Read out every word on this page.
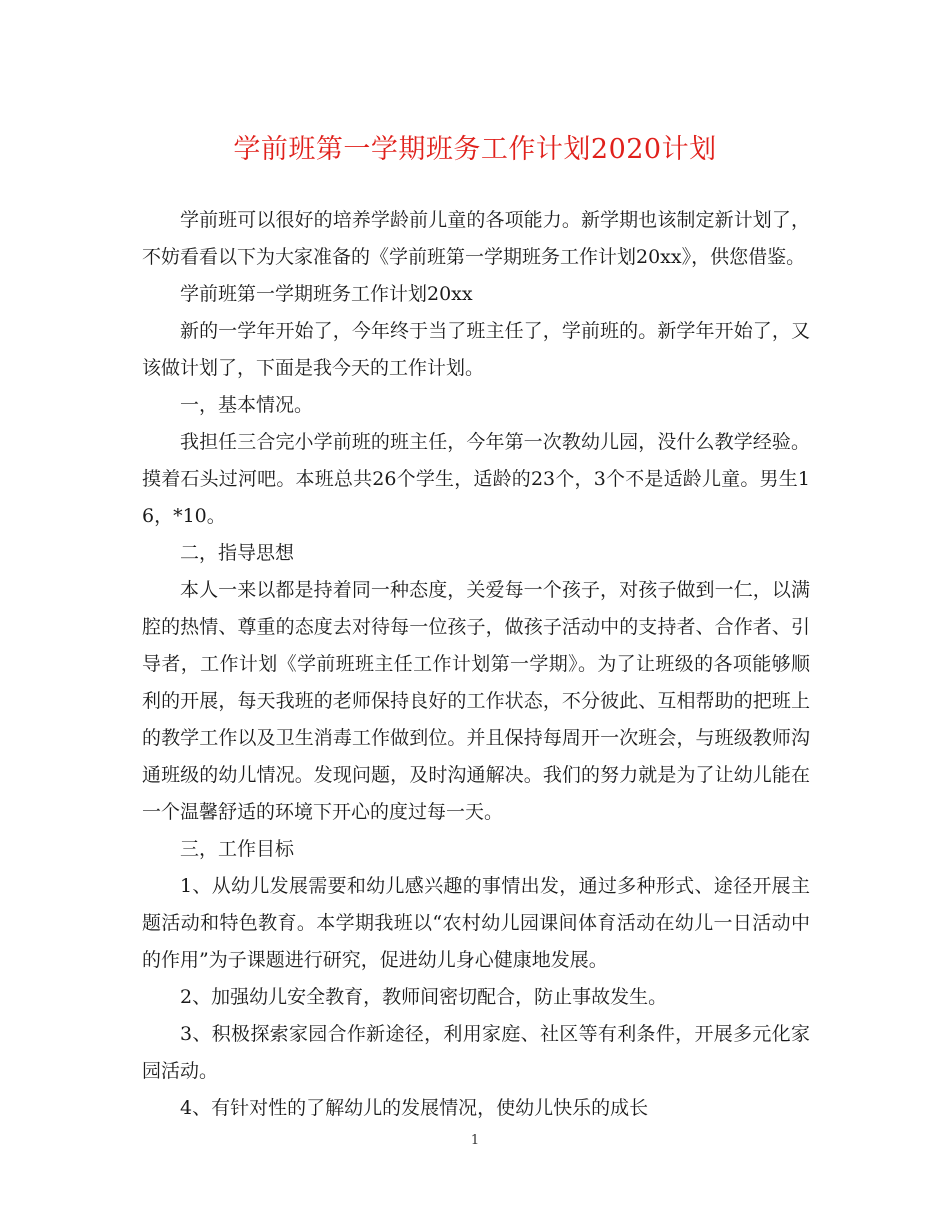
学前班第一学期班务工作计划2020计划

学前班可以很好的培养学龄前儿童的各项能力。新学期也该制定新计划了，不妨看看以下为大家准备的《学前班第一学期班务工作计划20xx》，供您借鉴。

学前班第一学期班务工作计划20xx

新的一学年开始了，今年终于当了班主任了，学前班的。新学年开始了，又该做计划了，下面是我今天的工作计划。

一，基本情况。

我担任三合完小学前班的班主任，今年第一次教幼儿园，没什么教学经验。摸着石头过河吧。本班总共26个学生，适龄的23个，3个不是适龄儿童。男生16，*10。

二，指导思想

本人一来以都是持着同一种态度，关爱每一个孩子，对孩子做到一仁，以满腔的热情、尊重的态度去对待每一位孩子，做孩子活动中的支持者、合作者、引导者，工作计划《学前班班主任工作计划第一学期》。为了让班级的各项能够顺利的开展，每天我班的老师保持良好的工作状态，不分彼此、互相帮助的把班上的教学工作以及卫生消毒工作做到位。并且保持每周开一次班会，与班级教师沟通班级的幼儿情况。发现问题，及时沟通解决。我们的努力就是为了让幼儿能在一个温馨舒适的环境下开心的度过每一天。

三，工作目标

1、从幼儿发展需要和幼儿感兴趣的事情出发，通过多种形式、途径开展主题活动和特色教育。本学期我班以“农村幼儿园课间体育活动在幼儿一日活动中的作用”为子课题进行研究，促进幼儿身心健康地发展。

2、加强幼儿安全教育，教师间密切配合，防止事故发生。

3、积极探索家园合作新途径，利用家庭、社区等有利条件，开展多元化家园活动。

4、有针对性的了解幼儿的发展情况，使幼儿快乐的成长

1
